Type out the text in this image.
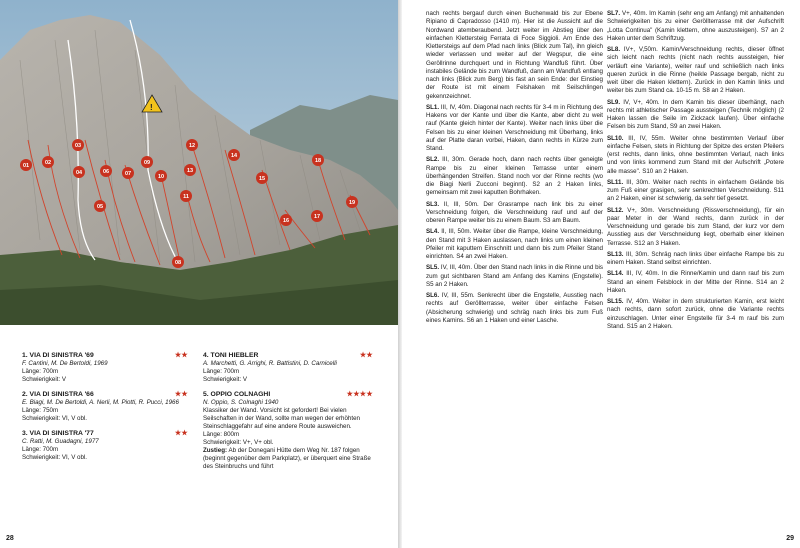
!
01	02
03
04
05
06	07
08
09
10
11
12
13
14
15
16
17
18
19
1. VIA DI SINISTRA '69	★★
F. Cantini, M. De Bertoldi, 1969
Länge: 700m
Schwierigkeit: V
2. VIA DI SINISTRA '66	★★
E. Biagi, M. De Bertoldi, A. Nerli, M. Piotti, R. Pucci, 1966
Länge: 750m
Schwierigkeit: VI, V obl.
3. VIA DI SINISTRA '77	★★
C. Ratti, M. Guadagni, 1977
Länge: 700m
Schwierigkeit: VI, V obl.
4. TONI HIEBLER	★★
A. Marchetti, G. Arrighi, R. Battistini, D. Carnicelli
Länge: 700m
Schwierigkeit: V
5. OPPIO COLNAGHI	★★★★
N. Oppio, S. Colnaghi 1940
Klassiker der Wand. Vorsicht ist gefordert! Bei vielen Seilschaften in der Wand, sollte man wegen der erhöhten Steinschlaggefahr auf eine andere Route ausweichen.
Länge: 800m
Schwierigkeit: V+, V+ obl.
Zustieg: Ab der Donegani Hütte dem Weg Nr. 187 folgen (beginnt gegenüber dem Parkplatz), er überquert eine Straße des Steinbruchs und führt
28

nach rechts bergauf durch einen Buchenwald bis zur Ebene Ripiano di Capradosso (1410 m). Hier ist die Aussicht auf die Nordwand atemberaubend. Jetzt weiter im Abstieg über den einfachen Klettersteig Ferrata di Foce Siggioli. Am Ende des Klettersteigs auf dem Pfad nach links (Blick zum Tal), ihn gleich wieder verlassen und weiter auf der Wegspur, die eine Geröllrinne durchquert und in Richtung Wandfuß führt. Über instabiles Gelände bis zum Wandfuß, dann am Wandfuß entlang nach links (Blick zum Berg) bis fast an sein Ende: der Einstieg der Route ist mit einem Felshaken mit Seilschlingen gekennzeichnet.

SL1. III, IV, 40m. Diagonal nach rechts für 3-4 m in Richtung des Hakens vor der Kante und über die Kante, aber dicht zu weit rauf (Kante gleich hinter der Kante). Weiter nach links über die Felsen bis zu einer kleinen Verschneidung mit Überhang, links auf der Platte daran vorbei, Haken, dann rechts in Kürze zum Stand.

SL2. III, 30m. Gerade hoch, dann nach rechts über geneigte Rampe bis zu einer kleinen Terrasse unter einem überhängenden Streifen. Stand noch vor der Rinne rechts (wo die Biagi Nerli Zucconi beginnt). S2 an 2 Haken links, gemeinsam mit zwei kaputten Bohrhaken.

SL3. II, III, 50m. Der Grasrampe nach link bis zu einer Verschneidung folgen, die Verschneidung rauf und auf der oberen Rampe weiter bis zu einem Baum. S3 am Baum.

SL4. II, III, 50m. Weiter über die Rampe, kleine Verschneidung, den Stand mit 3 Haken auslassen, nach links um einen kleinen Pfeiler mit kaputtem Einschnitt und dann bis zum Pfeiler Stand einrichten. S4 an zwei Haken.

SL5. IV, III, 40m. Über den Stand nach links in die Rinne und bis zum gut sichtbaren Stand am Anfang des Kamins (Engstelle). S5 an 2 Haken.

SL6. IV, III, 55m. Senkrecht über die Engstelle, Ausstieg nach rechts auf Geröllterrasse, weiter über einfache Felsen (Absicherung schwierig) und schräg nach links bis zum Fuß eines Kamins. S6 an 1 Haken und einer Lasche.

SL7. V+, 40m. Im Kamin (sehr eng am Anfang) mit anhaltenden Schwierigkeiten bis zu einer Geröllterrasse mit der Aufschrift „Lotta Continua" (Kamin klettern, ohne auszusteigen). S7 an 2 Haken unter dem Schriftzug.

SL8. IV+, V,50m. Kamin/Verschneidung rechts, dieser öffnet sich leicht nach rechts (nicht nach rechts aussteigen, hier verläuft eine Variante), weiter rauf und schließlich nach links queren zurück in die Rinne (heikle Passage bergab, nicht zu weit über die Haken klettern). Zurück in den Kamin links und weiter bis zum Stand ca. 10-15 m. S8 an 2 Haken.

SL9. IV, V+, 40m. In dem Kamin bis dieser überhängt, nach rechts mit athletischer Passage aussteigen (Technik möglich) (2 Haken lassen die Seile im Zickzack laufen). Über einfache Felsen bis zum Stand, S9 an zwei Haken.

SL10. III, IV, 55m. Weiter ohne bestimmten Verlauf über einfache Felsen, stets in Richtung der Spitze des ersten Pfeilers (erst rechts, dann links, ohne bestimmten Verlauf, nach links und von links kommend zum Stand mit der Aufschrift „Potere alle masse". S10 an 2 Haken.

SL11. III, 30m. Weiter nach rechts in einfachem Gelände bis zum Fuß einer grasigen, sehr senkrechten Verschneidung. S11 an 2 Haken, einer ist schwierig, da sehr tief gesetzt.

SL12. V+, 30m. Verschneidung (Rissverschneidung), für ein paar Meter in der Wand rechts, dann zurück in der Verschneidung und gerade bis zum Stand, der kurz vor dem Ausstieg aus der Verschneidung liegt, oberhalb einer kleinen Terrasse. S12 an 3 Haken.

SL13. III, 30m. Schräg nach links über einfache Rampe bis zu einem Haken. Stand selbst einrichten.

SL14. III, IV, 40m. In die Rinne/Kamin und dann rauf bis zum Stand an einem Felsblock in der Mitte der Rinne. S14 an 2 Haken.

SL15. IV, 40m. Weiter in dem strukturierten Kamin, erst leicht nach rechts, dann sofort zurück, ohne die Variante rechts einzuschlagen. Unter einer Engstelle für 3-4 m rauf bis zum Stand. S15 an 2 Haken.

29
